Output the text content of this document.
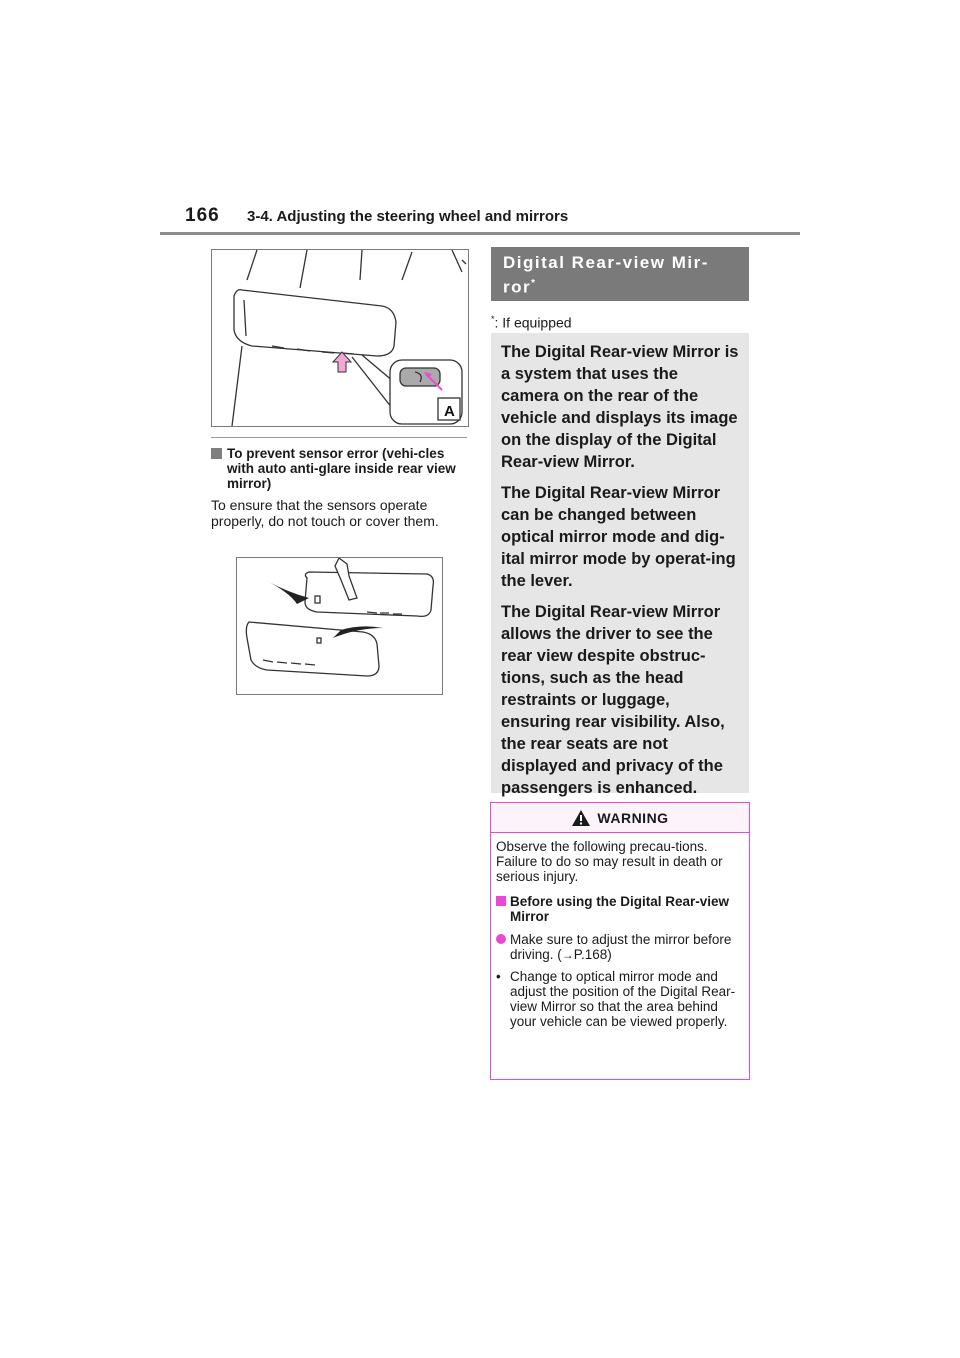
166 3-4. Adjusting the steering wheel and mirrors
A
To prevent sensor error (vehi-cles with auto anti-glare inside rear view mirror)
To ensure that the sensors operate properly, do not touch or cover them.
Digital Rear-view Mir-ror*
*: If equipped

The Digital Rear-view Mirror is a system that uses the camera on the rear of the vehicle and displays its image on the display of the Digital Rear-view Mirror.

The Digital Rear-view Mirror can be changed between optical mirror mode and dig-ital mirror mode by operat-ing the lever.

The Digital Rear-view Mirror allows the driver to see the rear view despite obstruc-tions, such as the head restraints or luggage, ensuring rear visibility. Also, the rear seats are not displayed and privacy of the passengers is enhanced.

WARNING

Observe the following precau-tions.

Failure to do so may result in death or serious injury.

Before using the Digital Rear-view Mirror
Make sure to adjust the mirror before driving. (→P.168)
• Change to optical mirror mode and adjust the position of the Digital Rear-view Mirror so that the area behind your vehicle can be viewed properly.
